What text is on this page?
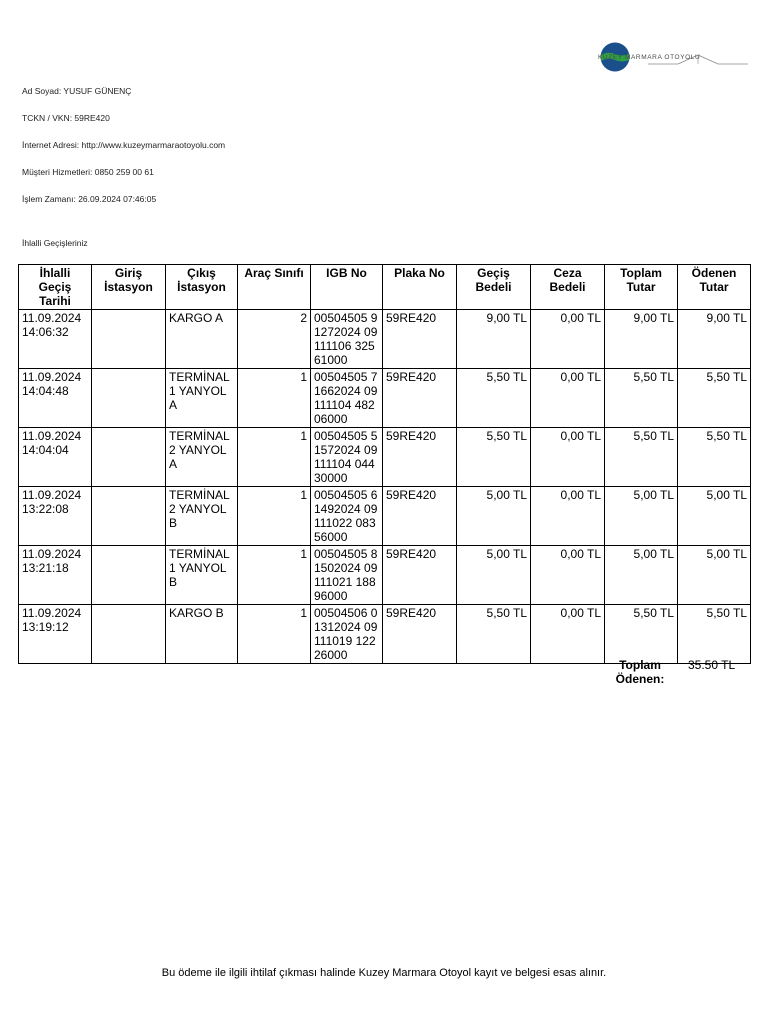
KUZEY MARMARA OTOYOLU
Ad Soyad: YUSUF GÜNENÇ
TCKN / VKN: 59RE420
İnternet Adresi: http://www.kuzeymarmaraotoyolu.com
Müşteri Hizmetleri: 0850 259 00 61
İşlem Zamanı: 26.09.2024 07:46:05
İhlalli Geçişleriniz
İhlalli Geçiş Tarihi	Giriş İstasyon	Çıkış İstasyon	Araç Sınıfı	IGB No	Plaka No	Geçiş Bedeli	Ceza Bedeli	Toplam Tutar	Ödenen Tutar
11.09.2024 14:06:32		KARGO A	2	00504505 91272024 09111106 32561000	59RE420	9,00 TL	0,00 TL	9,00 TL	9,00 TL
11.09.2024 14:04:48		TERMİNAL 1 YANYOL A	1	00504505 71662024 09111104 48206000	59RE420	5,50 TL	0,00 TL	5,50 TL	5,50 TL
11.09.2024 14:04:04		TERMİNAL 2 YANYOL A	1	00504505 51572024 09111104 04430000	59RE420	5,50 TL	0,00 TL	5,50 TL	5,50 TL
11.09.2024 13:22:08		TERMİNAL 2 YANYOL B	1	00504505 61492024 09111022 08356000	59RE420	5,00 TL	0,00 TL	5,00 TL	5,00 TL
11.09.2024 13:21:18		TERMİNAL 1 YANYOL B	1	00504505 81502024 09111021 18896000	59RE420	5,00 TL	0,00 TL	5,00 TL	5,00 TL
11.09.2024 13:19:12		KARGO B	1	00504506 01312024 09111019 12226000	59RE420	5,50 TL	0,00 TL	5,50 TL	5,50 TL
Toplam Ödenen:
35.50 TL
Bu ödeme ile ilgili ihtilaf çıkması halinde Kuzey Marmara Otoyol kayıt ve belgesi esas alınır.
